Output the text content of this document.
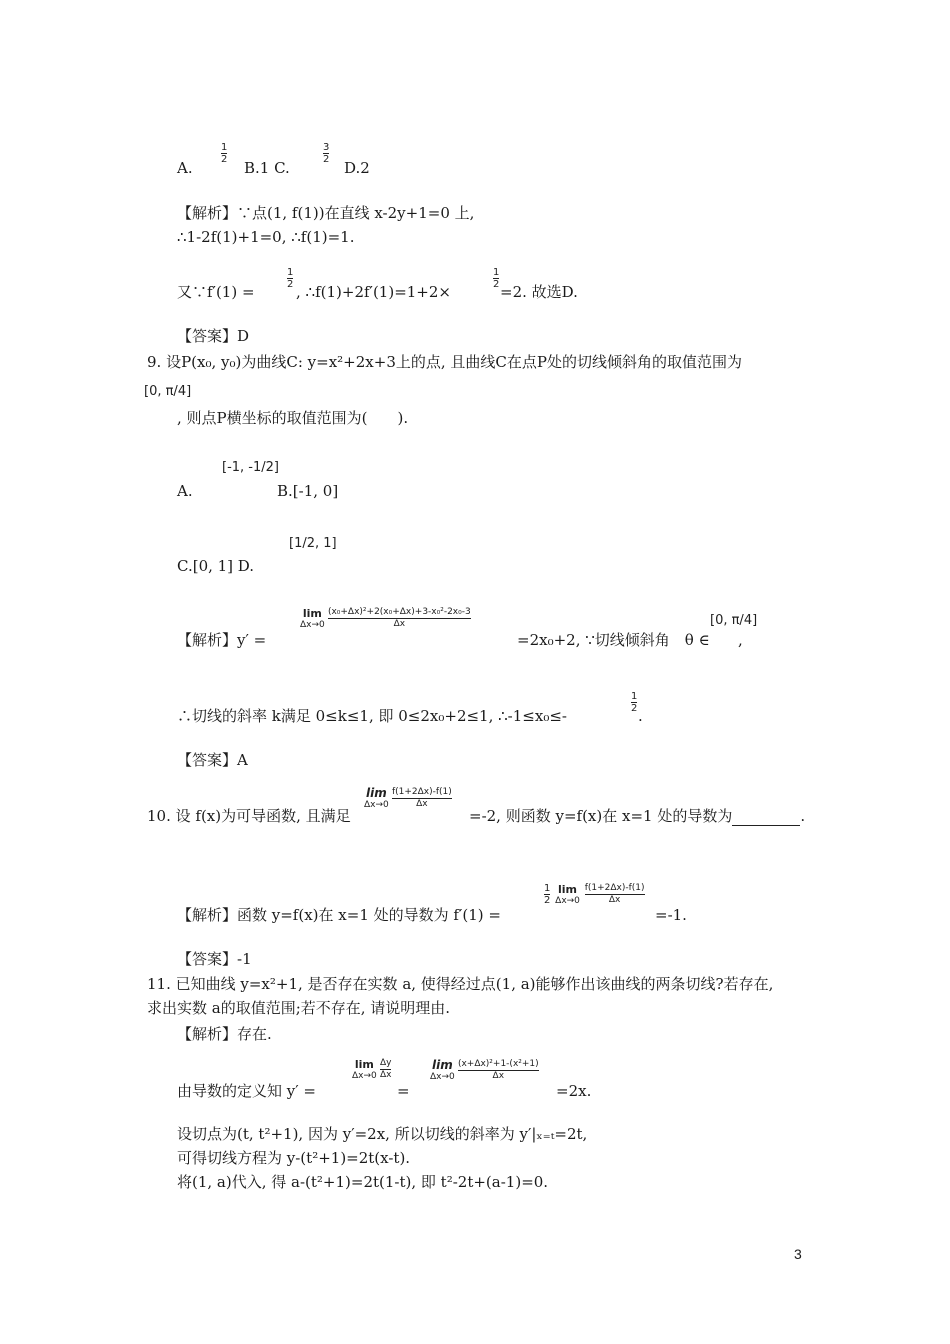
A.
$\frac{1}{2}$
B.1 C.
$\frac{3}{2}$
D.2
【解析】∵点(1, f(1))在直线 x-2y+1=0 上,
∴1-2f(1)+1=0, ∴f(1)=1.
又∵f′(1) =
$\frac{1}{2}$
, ∴f(1)+2f′(1)=1+2×
$\frac{1}{2}$
=2. 故选D.
【答案】D
9. 设P(x₀, y₀)为曲线C: y=x²+2x+3上的点, 且曲线C在点P处的切线倾斜角的取值范围为
[0, π/4]
, 则点P横坐标的取值范围为(　　).
A.
[-1, -1/2]
B.[-1, 0]
C.[0, 1] D.
[1/2, 1]
【解析】y′ =
lim
Δx→0
$\frac{\text{(x₀+Δx)²+2(x₀+Δx)+3-x₀²-2x₀-3}}{\Delta x}$
=2x₀+2, ∵切线倾斜角　θ ∈
[0, π/4]
,
∴切线的斜率 k满足 0≤k≤1, 即 0≤2x₀+2≤1, ∴-1≤x₀≤-
$\frac{1}{2}$
.
【答案】A
10. 设 f(x)为可导函数, 且满足
lim
Δx→0
$\frac{f(1+2\Delta x)-f(1)}{\Delta x}$
=-2, 则函数 y=f(x)在 x=1 处的导数为	.
【解析】函数 y=f(x)在 x=1 处的导数为 f′(1) =
$\frac{1}{2}$
lim
Δx→0
$\frac{f(1+2\Delta x)-f(1)}{\Delta x}$
=-1.
【答案】-1
11. 已知曲线 y=x²+1, 是否存在实数 a, 使得经过点(1, a)能够作出该曲线的两条切线?若存在,
求出实数 a的取值范围;若不存在, 请说明理由.
【解析】存在.
由导数的定义知 y′ =
lim
Δx→0
$\frac{\Delta y}{\Delta x}$
=
lim
Δx→0
$\frac{\text{(x+Δx)²+1-(x²+1)}}{\Delta x}$
=2x.
设切点为(t, t²+1), 因为 y′=2x, 所以切线的斜率为 y′|ₓ₌ₜ=2t,
可得切线方程为 y-(t²+1)=2t(x-t).
将(1, a)代入, 得 a-(t²+1)=2t(1-t), 即 t²-2t+(a-1)=0.
3
